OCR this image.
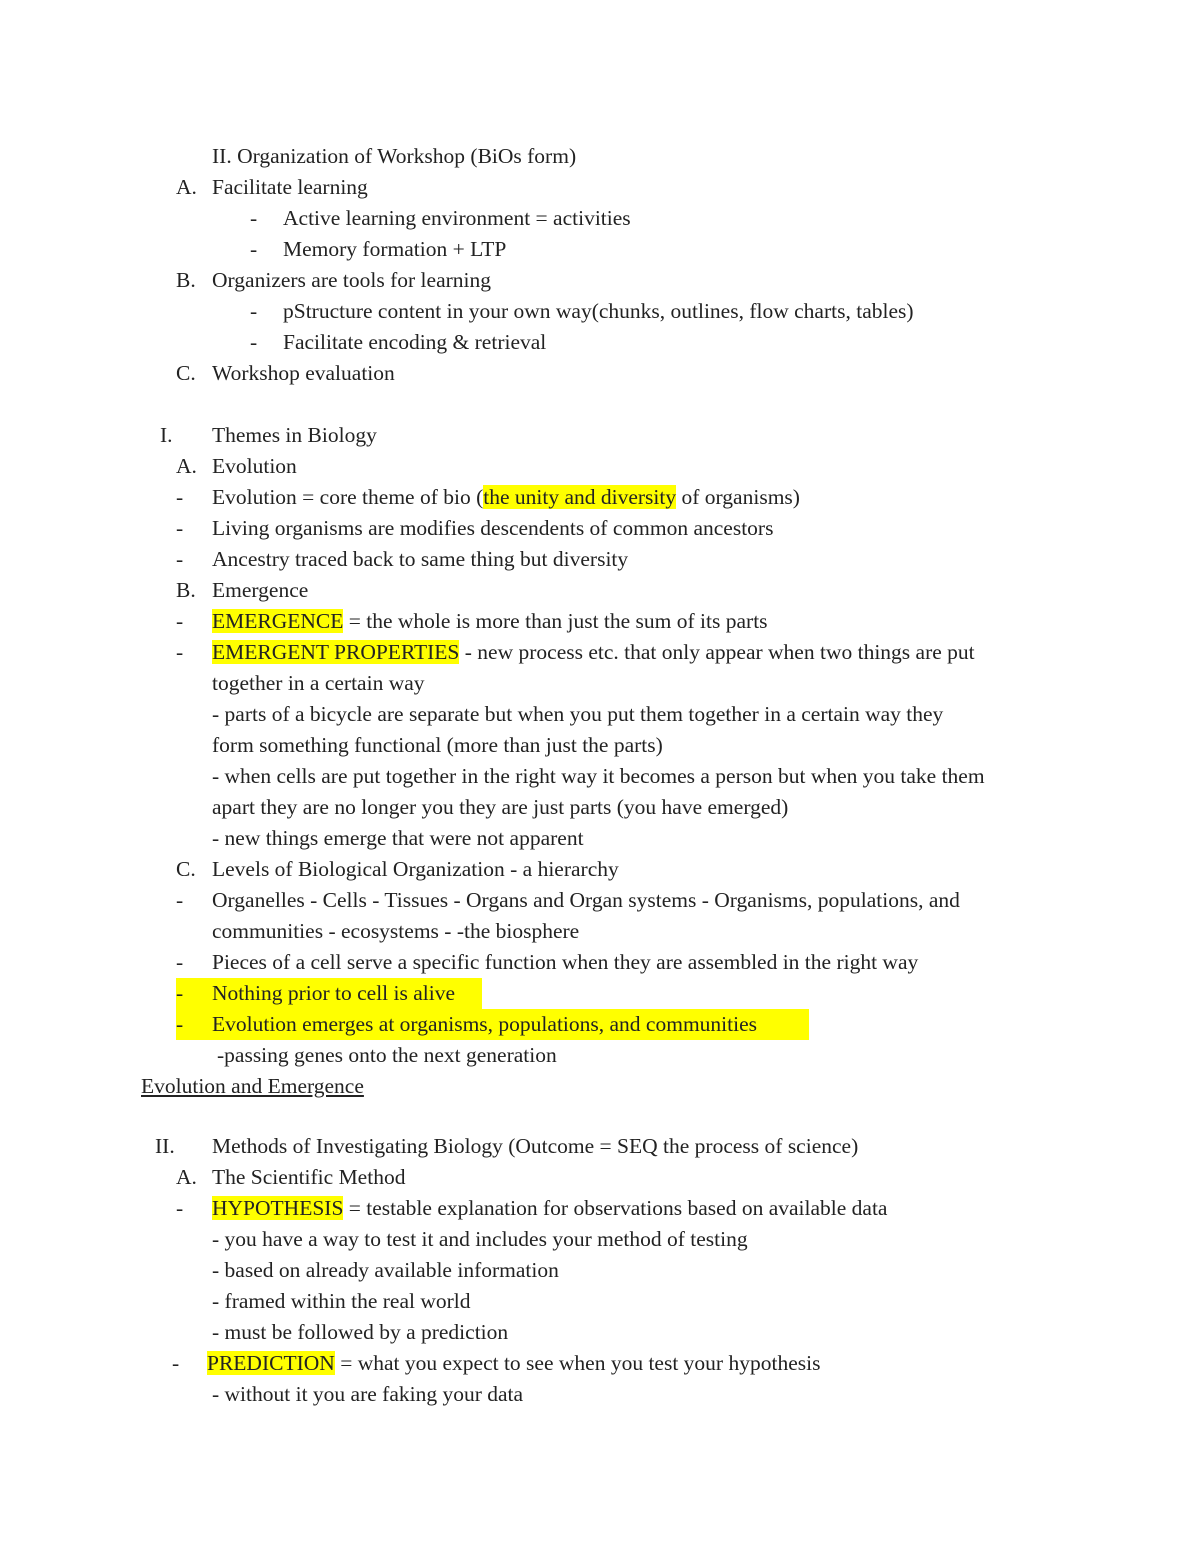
II. Organization of Workshop (BiOs form)
A. Facilitate learning
- Active learning environment = activities
- Memory formation + LTP
B. Organizers are tools for learning
- pStructure content in your own way(chunks, outlines, flow charts, tables)
- Facilitate encoding & retrieval
C. Workshop evaluation
I. Themes in Biology
A. Evolution
- Evolution = core theme of bio (the unity and diversity of organisms)
- Living organisms are modifies descendents of common ancestors
- Ancestry traced back to same thing but diversity
B. Emergence
- EMERGENCE = the whole is more than just the sum of its parts
- EMERGENT PROPERTIES - new process etc. that only appear when two things are put
together in a certain way
- parts of a bicycle are separate but when you put them together in a certain way they
form something functional (more than just the parts)
- when cells are put together in the right way it becomes a person but when you take them
apart they are no longer you they are just parts (you have emerged)
- new things emerge that were not apparent
C. Levels of Biological Organization - a hierarchy
- Organelles - Cells - Tissues - Organs and Organ systems - Organisms, populations, and
communities - ecosystems - -the biosphere
- Pieces of a cell serve a specific function when they are assembled in the right way
- Nothing prior to cell is alive
- Evolution emerges at organisms, populations, and communities
-passing genes onto the next generation
Evolution and Emergence
II. Methods of Investigating Biology (Outcome = SEQ the process of science)
A. The Scientific Method
- HYPOTHESIS = testable explanation for observations based on available data
- you have a way to test it and includes your method of testing
- based on already available information
- framed within the real world
- must be followed by a prediction
- PREDICTION = what you expect to see when you test your hypothesis
- without it you are faking your data
